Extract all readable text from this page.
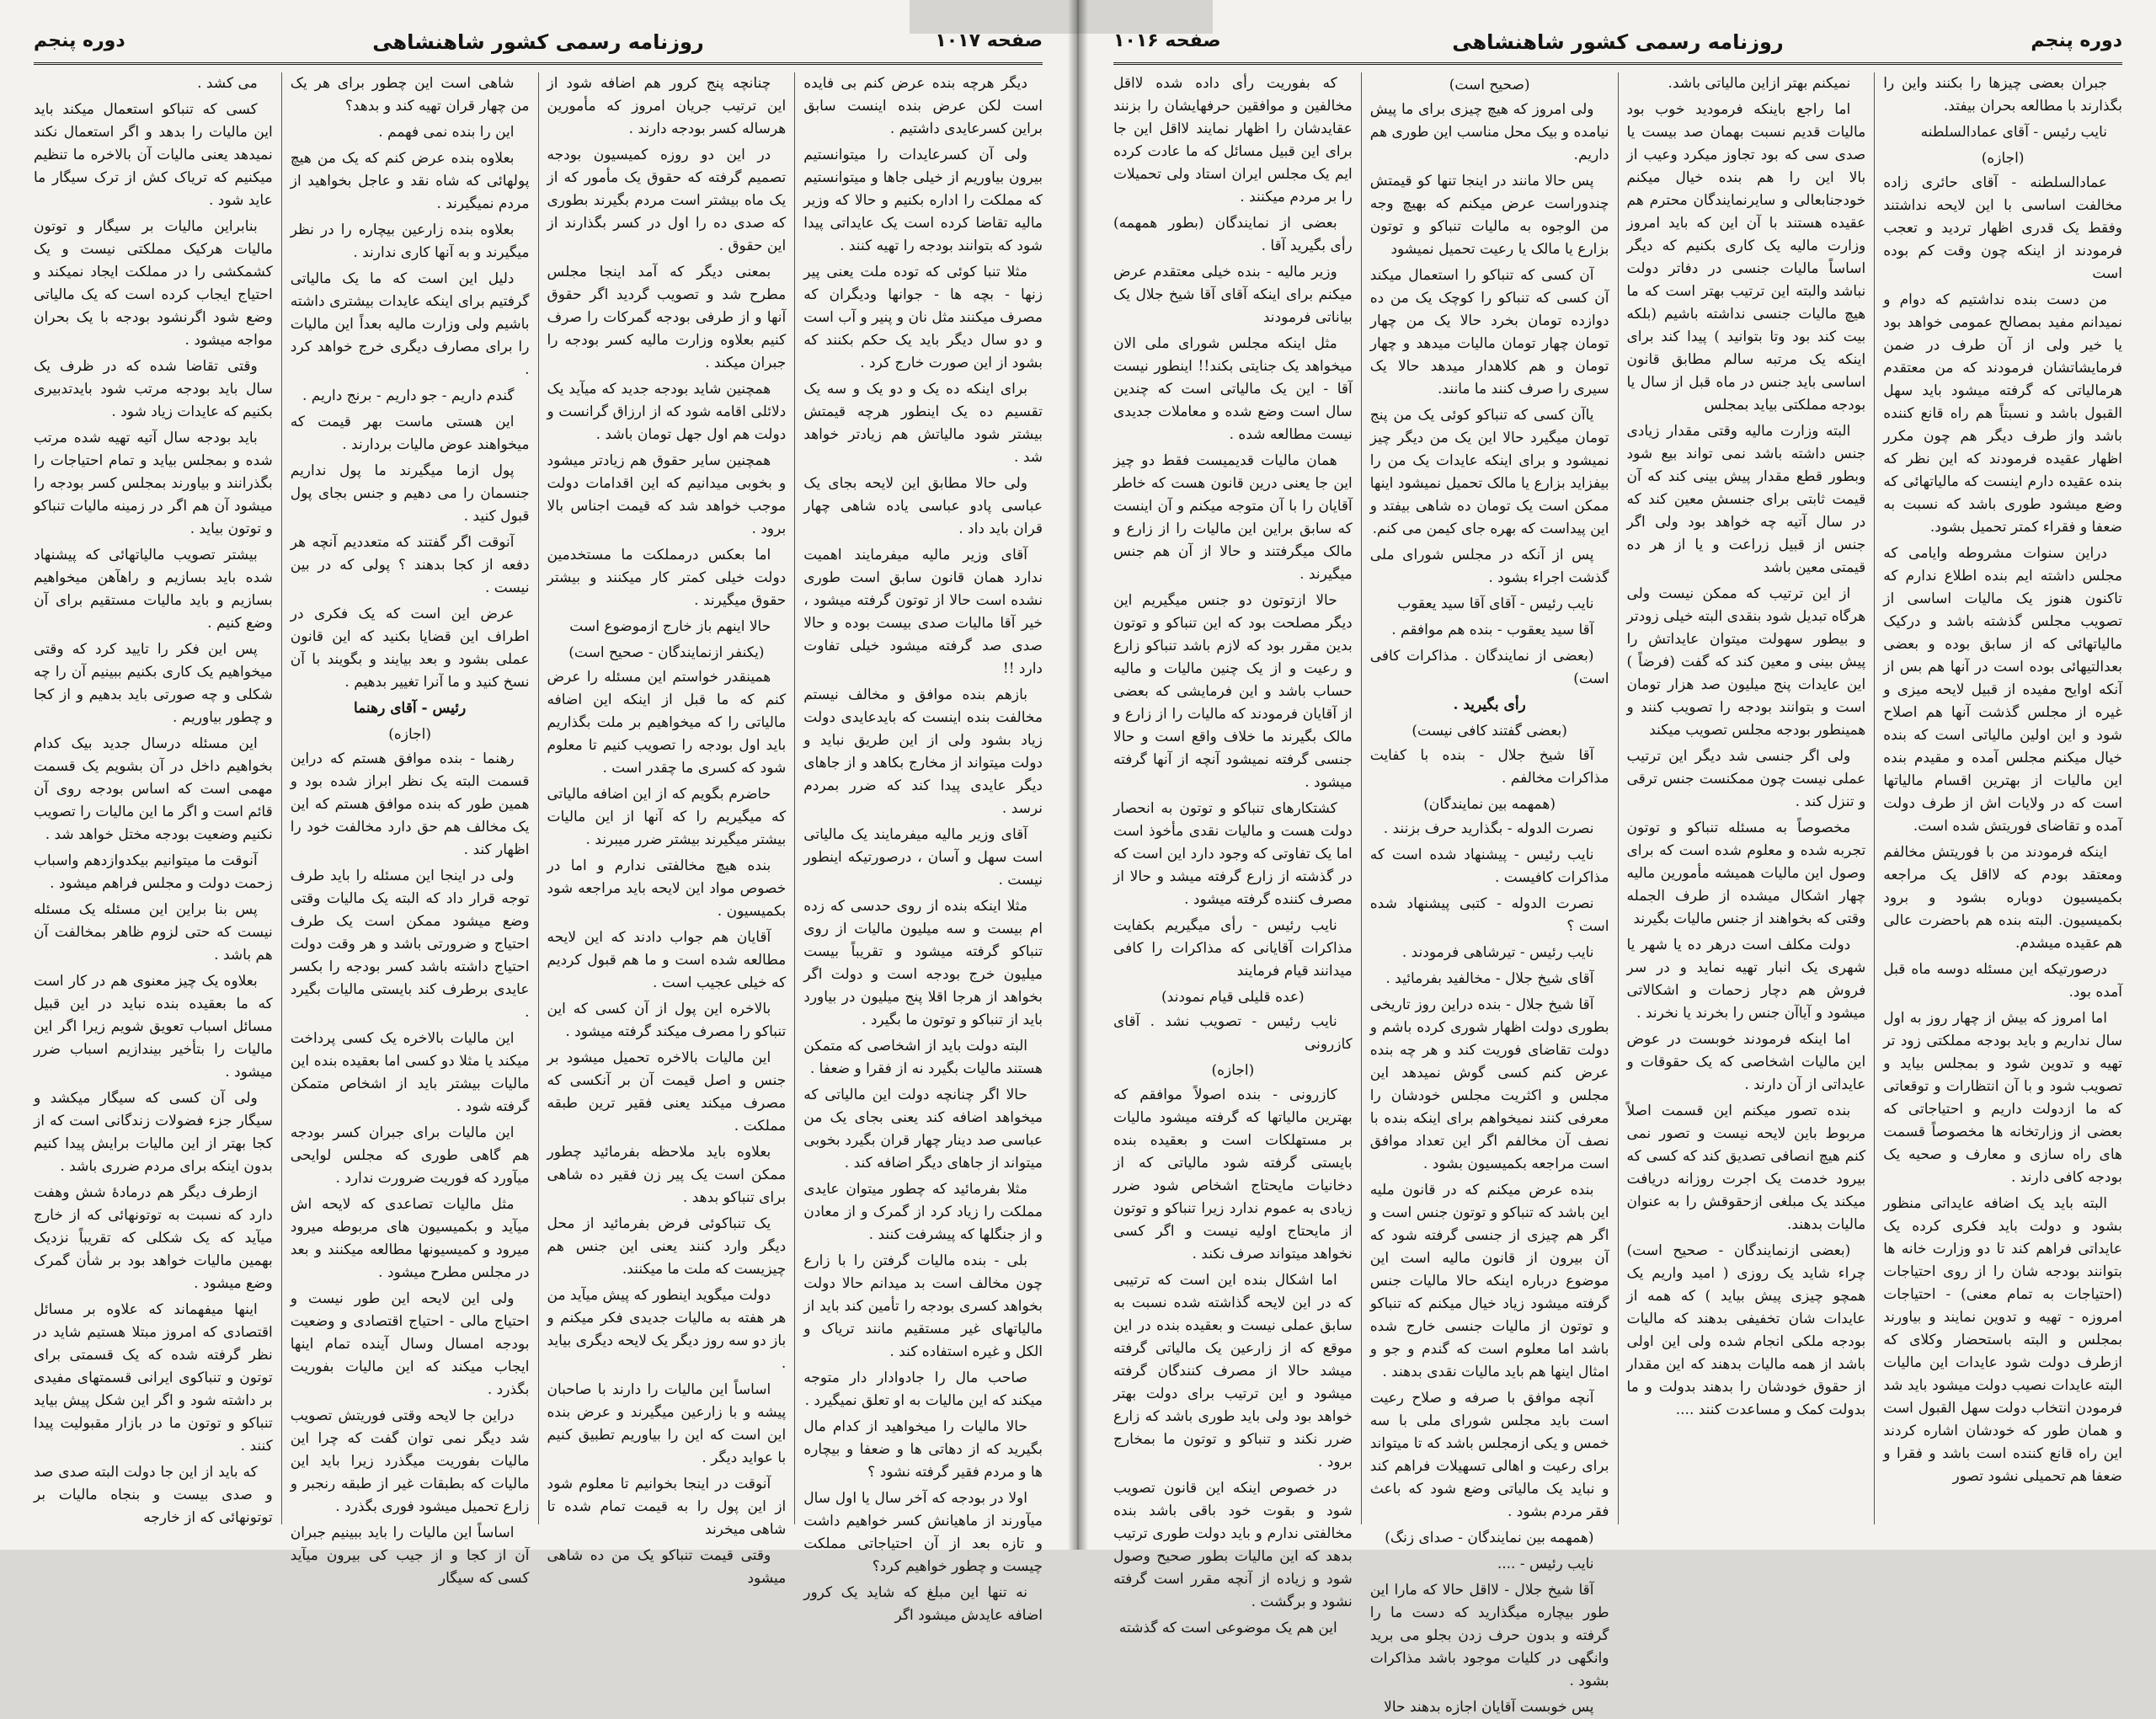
صفحه ۱۰۱۷
روزنامه رسمی کشور شاهنشاهی
دوره پنجم

دیگر هرچه بنده عرض کنم بی فایده است لکن عرض بنده اینست سابق براین کسرعایدی داشتیم .

ولی آن کسرعایدات را میتوانستیم بیرون بیاوریم از خیلی جاها و میتوانستیم که مملکت را اداره بکنیم و حالا که وزیر مالیه تقاضا کرده است یک عایداتی پیدا شود که بتوانند بودجه را تهیه کنند .

مثلا تنبا کوئی که توده ملت یعنی پیر زنها - بچه ها - جوانها ودیگران که مصرف میکنند مثل نان و پنیر و آب است و دو سال دیگر باید یک حکم بکنند که بشود از این صورت خارج کرد .

برای اینکه ده یک و دو یک و سه یک تقسیم ده یک اینطور هرچه قیمتش بیشتر شود مالیاتش هم زیادتر خواهد شد .

ولی حالا مطابق این لایحه بجای یک عباسی پادو عباسی یاده شاهی چهار قران باید داد .

آقای وزیر مالیه میفرمایند اهمیت ندارد همان قانون سابق است طوری نشده است حالا از توتون گرفته میشود ، خیر آقا مالیات صدی بیست بوده و حالا صدی صد گرفته میشود خیلی تفاوت دارد !!

بازهم بنده موافق و مخالف نیستم مخالفت بنده اینست که بایدعایدی دولت زیاد بشود ولی از این طریق نباید و دولت میتواند از مخارج بکاهد و از جاهای دیگر عایدی پیدا کند که ضرر بمردم نرسد .

آقای وزیر مالیه میفرمایند یک مالیاتی است سهل و آسان ، درصورتیکه اینطور نیست .

مثلا اینکه بنده از روی حدسی که زده ام بیست و سه میلیون مالیات از روی تنباکو گرفته میشود و تقریباً بیست میلیون خرج بودجه است و دولت اگر بخواهد از هرجا اقلا پنج میلیون در بیاورد باید از تنباکو و توتون ما بگیرد .

البته دولت باید از اشخاصی که متمکن هستند مالیات بگیرد نه از فقرا و ضعفا .

حالا اگر چنانچه دولت این مالیاتی که میخواهد اضافه کند یعنی بجای یک من عباسی صد دینار چهار قران بگیرد بخوبی میتواند از جاهای دیگر اضافه کند .

مثلا بفرمائید که چطور میتوان عایدی مملکت را زیاد کرد از گمرک و از معادن و از جنگلها که پیشرفت کنند .

بلی - بنده مالیات گرفتن را با زارع چون مخالف است بد میدانم حالا دولت بخواهد کسری بودجه را تأمین کند باید از مالیاتهای غیر مستقیم مانند تریاک و الکل و غیره استفاده کند .

صاحب مال را جادوادار دار متوجه میکند که این مالیات به او تعلق نمیگیرد .

حالا مالیات را میخواهید از کدام مال بگیرید که از دهاتی ها و ضعفا و بیچاره ها و مردم فقیر گرفته نشود ؟

اولا در بودجه که آخر سال یا اول سال میآورند از ماهیانش کسر خواهیم داشت و تازه بعد از آن احتیاجاتی مملکت چیست و چطور خواهیم کرد؟

نه تنها این مبلغ که شاید یک کرور اضافه عایدش میشود اگر

چنانچه پنج کرور هم اضافه شود از این ترتیب جریان امروز که مأمورین هرساله کسر بودجه دارند .

در این دو روزه کمیسیون بودجه تصمیم گرفته که حقوق یک مأمور که از یک ماه بیشتر است مردم بگیرند بطوری که صدی ده را اول در کسر بگذارند از این حقوق .

بمعنی دیگر که آمد اینجا مجلس مطرح شد و تصویب گردید اگر حقوق آنها و از طرفی بودجه گمرکات را صرف کنیم بعلاوه وزارت مالیه کسر بودجه را جبران میکند .

همچنین شاید بودجه جدید که میآید یک دلائلی اقامه شود که از ارزاق گرانست و دولت هم اول جهل تومان باشد .

همچنین سایر حقوق هم زیادتر میشود و بخوبی میدانیم که این اقدامات دولت موجب خواهد شد که قیمت اجناس بالا برود .

اما بعکس درمملکت ما مستخدمین دولت خیلی کمتر کار میکنند و بیشتر حقوق میگیرند .

حالا اینهم باز خارج ازموضوع است

(یکنفر ازنمایندگان - صحیح است)

همینقدر خواستم این مسئله را عرض کنم که ما قبل از اینکه این اضافه مالیاتی را که میخواهیم بر ملت بگذاریم باید اول بودجه را تصویب کنیم تا معلوم شود که کسری ما چقدر است .

حاضرم بگویم که از این اضافه مالیاتی که میگیریم را که آنها از این مالیات بیشتر میگیرند بیشتر ضرر میبرند .

بنده هیچ مخالفتی ندارم و اما در خصوص مواد این لایحه باید مراجعه شود بکمیسیون .

آقایان هم جواب دادند که این لایحه مطالعه شده است و ما هم قبول کردیم که خیلی عجیب است .

بالاخره این پول از آن کسی که این تنباکو را مصرف میکند گرفته میشود .

این مالیات بالاخره تحمیل میشود بر جنس و اصل قیمت آن بر آنکسی که مصرف میکند یعنی فقیر ترین طبقه مملکت .

بعلاوه باید ملاحظه بفرمائید چطور ممکن است یک پیر زن فقیر ده شاهی برای تنباکو بدهد .

یک تنباکوئی فرض بفرمائید از محل دیگر وارد کنند یعنی این جنس هم چیزیست که ملت ما میکنند.

دولت میگوید اینطور که پیش میآید من هر هفته به مالیات جدیدی فکر میکنم و باز دو سه روز دیگر یک لایحه دیگری بیاید .

اساساً این مالیات را دارند با صاحبان پیشه و با زارعین میگیرند و عرض بنده این است که این را بیاوریم تطبیق کنیم با عواید دیگر .

آنوقت در اینجا بخوانیم تا معلوم شود از این پول را به قیمت تمام شده تا شاهی میخرند

وقتی قیمت تنباکو یک من ده شاهی میشود

شاهی است این چطور برای هر یک من چهار قران تهیه کند و بدهد؟

این را بنده نمی فهمم .

بعلاوه بنده عرض کنم که یک من هیچ پولهائی که شاه نقد و عاجل بخواهید از مردم نمیگیرند .

بعلاوه بنده زارعین بیچاره را در نظر میگیرند و به آنها کاری ندارند .

دلیل این است که ما یک مالیاتی گرفتیم برای اینکه عایدات بیشتری داشته باشیم ولی وزارت مالیه بعداً این مالیات را برای مصارف دیگری خرج خواهد کرد .

گندم داریم - جو داریم - برنج داریم .

این هستی ماست بهر قیمت که میخواهند عوض مالیات بردارند .

پول ازما میگیرند ما پول نداریم جنسمان را می دهیم و جنس بجای پول قبول کنید .

آنوقت اگر گفتند که متعددیم آنچه هر دفعه از کجا بدهند ؟ پولی که در بین نیست .

عرض این است که یک فکری در اطراف این قضایا بکنید که این قانون عملی بشود و بعد بیایند و بگویند با آن نسخ کنید و ما آنرا تغییر بدهیم .

رئیس - آقای رهنما
(اجازه)

رهنما - بنده موافق هستم که دراین قسمت البته یک نظر ابراز شده بود و همین طور که بنده موافق هستم که این یک مخالف هم حق دارد مخالفت خود را اظهار کند .

ولی در اینجا این مسئله را باید طرف توجه قرار داد که البته یک مالیات وقتی وضع میشود ممکن است یک طرف احتیاج و ضرورتی باشد و هر وقت دولت احتیاج داشته باشد کسر بودجه را بکسر عایدی برطرف کند بایستی مالیات بگیرد .

این مالیات بالاخره یک کسی پرداخت میکند یا مثلا دو کسی اما بعقیده بنده این مالیات بیشتر باید از اشخاص متمکن گرفته شود .

این مالیات برای جبران کسر بودجه هم گاهی طوری که مجلس لوایحی میآورد که فوریت ضرورت ندارد .

مثل مالیات تصاعدی که لایحه اش میآید و بکمیسیون های مربوطه میرود میرود و کمیسیونها مطالعه میکنند و بعد در مجلس مطرح میشود .

ولی این لایحه این طور نیست و احتیاج مالی - احتیاج اقتصادی و وضعیت بودجه امسال وسال آینده تمام اینها ایجاب میکند که این مالیات بفوریت بگذرد .

دراین جا لایحه وقتی فوریتش تصویب شد دیگر نمی توان گفت که چرا این مالیات بفوریت میگذرد زیرا باید این مالیات که بطبقات غیر از طبقه رنجبر و زارع تحمیل میشود فوری بگذرد .

اساساً این مالیات را باید ببینیم جبران آن از کجا و از جیب کی بیرون میآید کسی که سیگار

می کشد .

کسی که تنباکو استعمال میکند باید این مالیات را بدهد و اگر استعمال نکند نمیدهد یعنی مالیات آن بالاخره ما تنظیم میکنیم که تریاک کش از ترک سیگار ما عاید شود .

بنابراین مالیات بر سیگار و توتون مالیات هرکیک مملکتی نیست و یک کشمکشی را در مملکت ایجاد نمیکند و احتیاج ایجاب کرده است که یک مالیاتی وضع شود اگرنشود بودجه با یک بحران مواجه میشود .

وقتی تقاضا شده که در ظرف یک سال باید بودجه مرتب شود بایدتدبیری بکنیم که عایدات زیاد شود .

باید بودجه سال آتیه تهیه شده مرتب شده و بمجلس بیاید و تمام احتیاجات را بگذرانند و بیاورند بمجلس کسر بودجه را میشود آن هم اگر در زمینه مالیات تنباکو و توتون بیاید .

بیشتر تصویب مالیاتهائی که پیشنهاد شده باید بسازیم و راهآهن میخواهیم بسازیم و باید مالیات مستقیم برای آن وضع کنیم .

پس این فکر را تایید کرد که وقتی میخواهیم یک کاری بکنیم ببینیم آن را چه شکلی و چه صورتی باید بدهیم و از کجا و چطور بیاوریم .

این مسئله درسال جدید بیک کدام بخواهیم داخل در آن بشویم یک قسمت مهمی است که اساس بودجه روی آن قائم است و اگر ما این مالیات را تصویب نکنیم وضعیت بودجه مختل خواهد شد .

آنوقت ما میتوانیم بیکدوازدهم واسباب زحمت دولت و مجلس فراهم میشود .

پس بنا براین این مسئله یک مسئله نیست که حتی لزوم ظاهر بمخالفت آن هم باشد .

بعلاوه یک چیز معنوی هم در کار است که ما بعقیده بنده نباید در این قبیل مسائل اسباب تعویق شویم زیرا اگر این مالیات را بتأخیر بیندازیم اسباب ضرر میشود .

ولی آن کسی که سیگار میکشد و سیگار جزء فضولات زندگانی است که از کجا بهتر از این مالیات برایش پیدا کنیم بدون اینکه برای مردم ضرری باشد .

ازطرف دیگر هم درمادهٔ شش وهفت دارد که نسبت به توتونهائی که از خارج میآید که یک شکلی که تقریباً نزدیک بهمین مالیات خواهد بود بر شأن گمرک وضع میشود .

اینها میفهماند که علاوه بر مسائل اقتصادی که امروز مبتلا هستیم شاید در نظر گرفته شده که یک قسمتی برای توتون و تنباکوی ایرانی قسمتهای مفیدی بر داشته شود و اگر این شکل پیش بیاید تنباکو و توتون ما در بازار مقبولیت پیدا کنند .

که باید از این جا دولت البته صدی صد و صدی بیست و بنجاه مالیات بر توتونهائی که از خارجه

صفحه ۱۰۱۶	روزنامه رسمی کشور شاهنشاهی	دوره پنجم

جبران بعضی چیزها را بکنند واین را بگذارند با مطالعه بحران بیفتد.

نایب رئیس - آقای عمادالسلطنه

(اجازه)

عمادالسلطنه - آقای حائری زاده مخالفت اساسی با این لایحه نداشتند وفقط یک قدری اظهار تردید و تعجب فرمودند از اینکه چون وقت کم بوده است

من دست بنده نداشتیم که دوام و نمیدانم مفید بمصالح عمومی خواهد بود یا خیر ولی از آن طرف در ضمن فرمایشاتشان فرمودند که من معتقدم هرمالیاتی که گرفته میشود باید سهل القبول باشد و نسبتاً هم راه قانع کننده باشد واز طرف دیگر هم چون مکرر اظهار عقیده فرمودند که این نظر که بنده عقیده دارم اینست که مالیاتهائی که وضع میشود طوری باشد که نسبت به ضعفا و فقراء کمتر تحمیل بشود.

دراین سنوات مشروطه وایامی که مجلس داشته ایم بنده اطلاع ندارم که تاکنون هنوز یک مالیات اساسی از تصویب مجلس گذشته باشد و درکیک مالیاتهائی که از سابق بوده و بعضی بعدالتیهائی بوده است در آنها هم بس از آنکه اوایح مفیده از قبیل لایحه میزی و غیره از مجلس گذشت آنها هم اصلاح شود و این اولین مالیاتی است که بنده خیال میکنم مجلس آمده و مقیدم بنده این مالیات از بهترین اقسام مالیاتها است که در ولایات اش از طرف دولت آمده و تقاضای فوریتش شده است.

اینکه فرمودند من با فوریتش مخالفم ومعتقد بودم که لااقل یک مراجعه بکمیسیون دوباره بشود و برود بکمیسیون. البته بنده هم باحضرت عالی هم عقیده میشدم.

درصورتیکه این مسئله دوسه ماه قبل آمده بود.

اما امروز که بیش از چهار روز به اول سال نداریم و باید بودجه مملکتی زود تر تهیه و تدوین شود و بمجلس بیاید و تصویب شود و با آن انتظارات و توقعاتی که ما ازدولت داریم و احتیاجاتی که بعضی از وزارتخانه ها مخصوصاً قسمت های راه سازی و معارف و صحیه یک بودجه کافی دارند .

البته باید یک اضافه عایداتی منظور بشود و دولت باید فکری کرده یک عایداتی فراهم کند تا دو وزارت خانه ها بتوانند بودجه شان را از روی احتیاجات (احتیاجات به تمام معنی) - احتیاجات امروزه - تهیه و تدوین نمایند و بیاورند بمجلس و البته باستحضار وکلای که ازطرف دولت شود عایدات این مالیات البته عایدات نصیب دولت میشود باید شد فرمودن انتخاب دولت سهل القبول است و همان طور که خودشان اشاره کردند این راه قانع کننده است باشد و فقرا و ضعفا هم تحمیلی نشود تصور

نمیکنم بهتر ازاین مالیاتی باشد.

اما راجع باینکه فرمودید خوب بود مالیات قدیم نسبت بهمان صد بیست یا صدی سی که بود تجاوز میکرد وعیب از بالا این را هم بنده خیال میکنم خودجنابعالی و سایرنمایندگان محترم هم عقیده هستند با آن این که باید امروز وزارت مالیه یک کاری بکنیم که دیگر اساساً مالیات جنسی در دفاتر دولت نباشد والبته این ترتیب بهتر است که ما هیچ مالیات جنسی نداشته باشیم (بلکه بیت کند بود وتا بتوانید ) پیدا کند برای اینکه یک مرتبه سالم مطابق قانون اساسی باید جنس در ماه قبل از سال یا بودجه مملکتی بیاید بمجلس

البته وزارت مالیه وقتی مقدار زیادی جنس داشته باشد نمی تواند بیع شود وبطور قطع مقدار پیش بینی کند که آن قیمت ثابتی برای جنسش معین کند که در سال آتیه چه خواهد بود ولی اگر جنس از قبیل زراعت و یا از هر ده قیمتی معین باشد

از این ترتیب که ممکن نیست ولی هرگاه تبدیل شود بنقدی البته خیلی زودتر و بیطور سهولت میتوان عایداتش را پیش بینی و معین کند که گفت (فرضاً ) این عایدات پنج میلیون صد هزار تومان است و بتوانند بودجه را تصویب کنند و همینطور بودجه مجلس تصویب میکند

ولی اگر جنسی شد دیگر این ترتیب عملی نیست چون ممکنست جنس ترقی و تنزل کند .

مخصوصاً به مسئله تنباکو و توتون تجربه شده و معلوم شده است که برای وصول این مالیات همیشه مأمورین مالیه چهار اشکال میشده از طرف الجمله وقتی که بخواهند از جنس مالیات بگیرند

دولت مکلف است درهر ده یا شهر یا شهری یک انبار تهیه نماید و در سر فروش هم دچار زحمات و اشکالاتی میشود و آیاآن جنس را بخرند یا نخرند .

اما اینکه فرمودند خوبست در عوض این مالیات اشخاصی که یک حقوقات و عایداتی از آن دارند .

بنده تصور میکنم این قسمت اصلاً مربوط باین لایحه نیست و تصور نمی کنم هیچ انصافی تصدیق کند که کسی که بیرود خدمت یک اجرت روزانه دریافت میکند یک مبلغی ازحقوقش را به عنوان مالیات بدهند.

(بعضی ازنمایندگان - صحیح است) چراء شاید یک روزی ( امید واریم یک همچو چیزی پیش بیاید ) که همه از عایدات شان تخفیفی بدهند که مالیات بودجه ملکی انجام شده ولی این اولی باشد از همه مالیات بدهند که این مقدار از حقوق خودشان را بدهند بدولت و ما بدولت کمک و مساعدت کنند ....

(صحیح است)

ولی امروز که هیچ چیزی برای ما پیش نیامده و بیک محل مناسب این طوری هم داریم.

پس حالا مانند در اینجا تنها کو قیمتش چندوراست عرض میکنم که بهیچ وجه من الوجوه به مالیات تنباکو و توتون بزارع یا مالک یا رعیت تحمیل نمیشود

آن کسی که تنباکو را استعمال میکند آن کسی که تنباکو را کوچک یک من ده دوازده تومان بخرد حالا یک من چهار تومان چهار تومان مالیات میدهد و چهار تومان و هم کلاهدار میدهد حالا یک سیری را صرف کنند ما مانند.

یاآن کسی که تنباکو کوئی یک من پنج تومان میگیرد حالا این یک من دیگر چیز نمیشود و برای اینکه عایدات یک من را بیفزاید بزارع یا مالک تحمیل نمیشود اینها ممکن است یک تومان ده شاهی بیفتد و این پیداست که بهره جای کیمن می کنم.

پس از آنکه در مجلس شورای ملی گذشت اجراء بشود .

نایب رئیس - آقای آقا سید یعقوب

آقا سید یعقوب - بنده هم موافقم .

(بعضی از نمایندگان . مذاکرات کافی است)

رأی بگیرید .
(بعضی گفتند کافی نیست)

آقا شیخ جلال - بنده با کفایت مذاکرات مخالفم .

(همهمه بین نمایندگان)

نصرت الدوله - بگذارید حرف بزنند .

نایب رئیس - پیشنهاد شده است که مذاکرات کافیست .

نصرت الدوله - کتبی پیشنهاد شده است ؟

نایب رئیس - تیرشاهی فرمودند .

آقای شیخ جلال - مخالفید بفرمائید .

آقا شیخ جلال - بنده دراین روز تاریخی بطوری دولت اظهار شوری کرده باشم و دولت تقاضای فوریت کند و هر چه بنده عرض کنم کسی گوش نمیدهد این مجلس و اکثریت مجلس خودشان را معرفی کنند نمیخواهم برای اینکه بنده با نصف آن مخالفم اگر این تعداد موافق است مراجعه بکمیسیون بشود .

بنده عرض میکنم که در قانون ملیه این باشد که تنباکو و توتون جنس است و اگر هم چیزی از جنسی گرفته شود که آن بیرون از قانون مالیه است این موضوع درباره اینکه حالا مالیات جنس گرفته میشود زیاد خیال میکنم که تنباکو و توتون از مالیات جنسی خارج شده باشد اما معلوم است که گندم و جو و امثال اینها هم باید مالیات نقدی بدهند .

آنچه موافق با صرفه و صلاح رعیت است باید مجلس شورای ملی با سه خمس و یکی ازمجلس باشد که تا میتواند برای رعیت و اهالی تسهیلات فراهم کند و نباید یک مالیاتی وضع شود که باعث فقر مردم بشود .

(همهمه بین نمایندگان - صدای زنگ)

نایب رئیس - ....

آقا شیخ جلال - لااقل حالا که مارا این طور بیچاره میگذارید که دست ما را گرفته و بدون حرف زدن بجلو می برید وانگهی در کلیات موجود باشد مذاکرات بشود .

پس خوبست آقایان اجازه بدهند حالا

که بفوریت رأی داده شده لااقل مخالفین و موافقین حرفهایشان را بزنند عقایدشان را اظهار نمایند لااقل این جا برای این قبیل مسائل که ما عادت کرده ایم یک مجلس ایران استاد ولی تحمیلات را بر مردم میکنند .

بعضی از نمایندگان (بطور همهمه) رأی بگیرید آقا .

وزیر مالیه - بنده خیلی معتقدم عرض میکنم برای اینکه آقای آقا شیخ جلال یک بیاناتی فرمودند

مثل اینکه مجلس شورای ملی الان میخواهد یک جنایتی بکند!! اینطور نیست آقا - این یک مالیاتی است که چندین سال است وضع شده و معاملات جدیدی نیست مطالعه شده .

همان مالیات قدیمیست فقط دو چیز این جا یعنی درین قانون هست که خاطر آقایان را با آن متوجه میکنم و آن اینست که سابق براین این مالیات را از زارع و مالک میگرفتند و حالا از آن هم جنس میگیرند .

حالا ازتوتون دو جنس میگیریم این دیگر مصلحت بود که این تنباکو و توتون بدین مقرر بود که لازم باشد تنباکو زارع و رعیت و از یک چنین مالیات و مالیه حساب باشد و این فرمایشی که بعضی از آقایان فرمودند که مالیات را از زارع و مالک بگیرند ما خلاف واقع است و حالا جنسی گرفته نمیشود آنچه از آنها گرفته میشود .

کشتکارهای تنباکو و توتون به انحصار دولت هست و مالیات نقدی مأخوذ است اما یک تفاوتی که وجود دارد این است که در گذشته از زارع گرفته میشد و حالا از مصرف کننده گرفته میشود .

نایب رئیس - رأی میگیریم بکفایت مذاکرات آقایانی که مذاکرات را کافی میدانند قیام فرمایند

(عده قلیلی قیام نمودند)

نایب رئیس - تصویب نشد . آقای کازرونی

(اجازه)

کازرونی - بنده اصولاً موافقم که بهترین مالیاتها که گرفته میشود مالیات بر مستهلکات است و بعقیده بنده بایستی گرفته شود مالیاتی که از دخانیات مایحتاج اشخاص شود ضرر زیادی به عموم ندارد زیرا تنباکو و توتون از مایحتاج اولیه نیست و اگر کسی نخواهد میتواند صرف نکند .

اما اشکال بنده این است که ترتیبی که در این لایحه گذاشته شده نسبت به سابق عملی نیست و بعقیده بنده در این موقع که از زارعین یک مالیاتی گرفته میشد حالا از مصرف کنندگان گرفته میشود و این ترتیب برای دولت بهتر خواهد بود ولی باید طوری باشد که زارع ضرر نکند و تنباکو و توتون ما بمخارج برود .

در خصوص اینکه این قانون تصویب شود و بقوت خود باقی باشد بنده مخالفتی ندارم و باید دولت طوری ترتیب بدهد که این مالیات بطور صحیح وصول شود و زیاده از آنچه مقرر است گرفته نشود و برگشت .

این هم یک موضوعی است که گذشته
